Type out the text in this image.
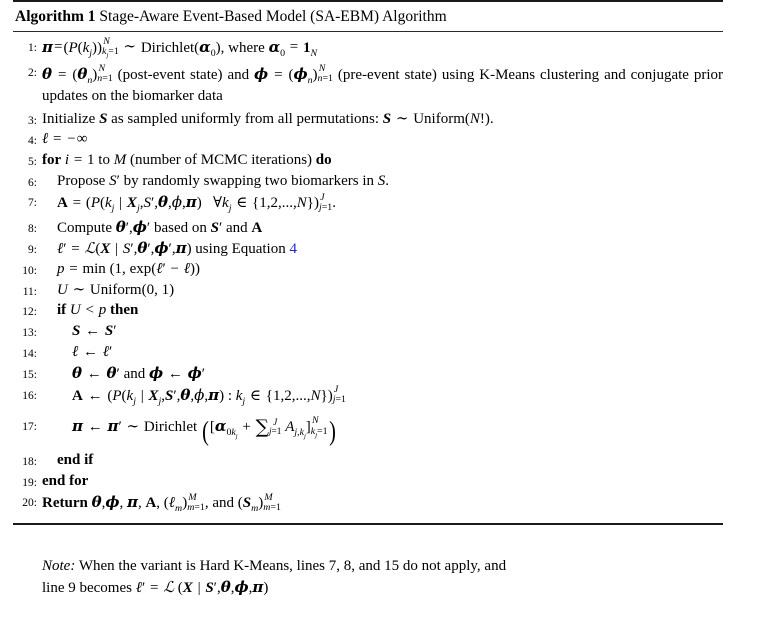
Algorithm 1 Stage-Aware Event-Based Model (SA-EBM) Algorithm
1: $\pi=(P(k_j))$ N
$k_j=1$ ∼ $Dirichlet(\alpha_0)$, where $\alpha_0 = 1_N$
2: $\theta = (\theta_n)$ N
n=1 (post-event state) and $\phi = (\phi_n)$ N
n=1 (pre-event state) using K-Means clustering and conjugate prior updates on the biomarker data
3: Initialize S as sampled uniformly from all permutations: S ∼ Uniform(N!).
4: ℓ = −∞
5: for i = 1 to M (number of MCMC iterations) do
6:	Propose S′ by randomly swapping two biomarkers in S.
7:	$A = (P(k_j$ | $X_j,S',\theta,\phi,\pi$)   $\forall k_j$ ∈ {1,2,...,N}) J
j=1 .
8:	Compute θ′,ϕ′ based on S′ and A
9:	ℓ′ = ℒ(X | S′,θ′,ϕ′,π) using Equation 4
10:	p = min (1, exp(ℓ′ − ℓ))
11:	U ∼ Uniform(0, 1)
12:	if U < p then
13:	S ← S′
14:	ℓ ← ℓ′
15:	θ ← θ′ and ϕ ← ϕ′
16:	A ← ($P(k_j$ | $X_j,S',\theta,\phi,\pi$) : $k_j$ ∈ {1,2,...,N}) J
j=1
17:	π ← π′ ∼ Dirichlet ([$\alpha_{0k_j}$ + ∑ J
j=1 $A_{j,k_j}$] N
$k_j=1$ )
18:	end if
19: end for
20: Return θ,ϕ, π, A, (ℓ$_m$) M
m=1 , and $(S_m)$ M
m=1
Note: When the variant is Hard K-Means, lines 7, 8, and 15 do not apply, and
line 9 becomes ℓ′ = ℒ (X | S′,θ,ϕ,π)
